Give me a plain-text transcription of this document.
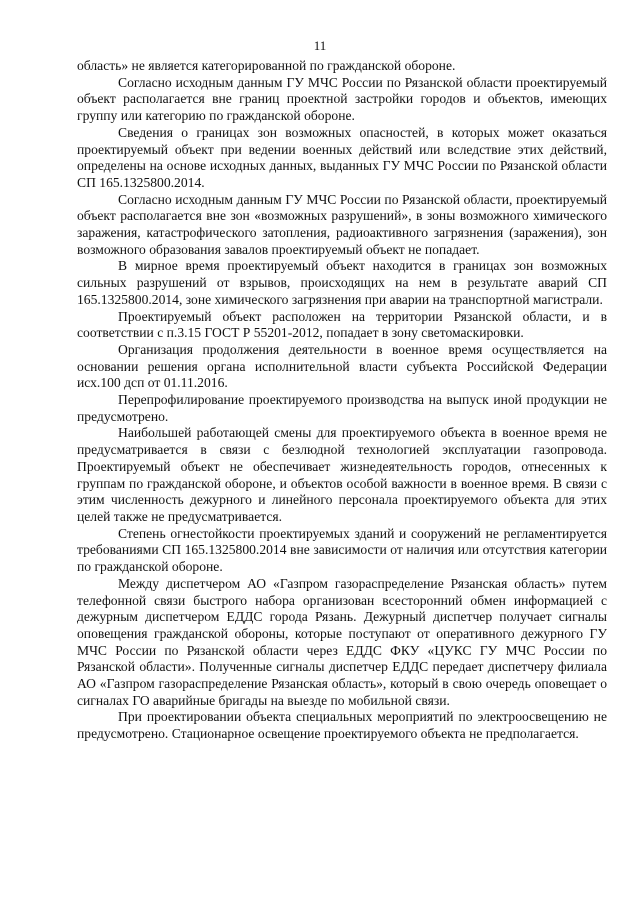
11

область» не является категорированной по гражданской обороне.

Согласно исходным данным ГУ МЧС России по Рязанской области проектируемый объект располагается вне границ проектной застройки городов и объектов, имеющих группу или категорию по гражданской обороне.

Сведения о границах зон возможных опасностей, в которых может оказаться проектируемый объект при ведении военных действий или вследствие этих действий, определены на основе исходных данных, выданных ГУ МЧС России по Рязанской области СП 165.1325800.2014.

Согласно исходным данным ГУ МЧС России по Рязанской области, проектируемый объект располагается вне зон «возможных разрушений», в зоны возможного химического заражения, катастрофического затопления, радиоактивного загрязнения (заражения), зон возможного образования завалов проектируемый объект не попадает.

В мирное время проектируемый объект находится в границах зон возможных сильных разрушений от взрывов, происходящих на нем в результате аварий СП 165.1325800.2014, зоне химического загрязнения при аварии на транспортной магистрали.

Проектируемый объект расположен на территории Рязанской области, и в соответствии с п.3.15 ГОСТ Р 55201-2012, попадает в зону светомаскировки.

Организация продолжения деятельности в военное время осуществляется на основании решения органа исполнительной власти субъекта Российской Федерации исх.100 дсп от 01.11.2016.

Перепрофилирование проектируемого производства на выпуск иной продукции не предусмотрено.

Наибольшей работающей смены для проектируемого объекта в военное время не предусматривается в связи с безлюдной технологией эксплуатации газопровода. Проектируемый объект не обеспечивает жизнедеятельность городов, отнесенных к группам по гражданской обороне, и объектов особой важности в военное время. В связи с этим численность дежурного и линейного персонала проектируемого объекта для этих целей также не предусматривается.

Степень огнестойкости проектируемых зданий и сооружений не регламентируется требованиями СП 165.1325800.2014 вне зависимости от наличия или отсутствия категории по гражданской обороне.

Между диспетчером АО «Газпром газораспределение Рязанская область» путем телефонной связи быстрого набора организован всесторонний обмен информацией с дежурным диспетчером ЕДДС города Рязань. Дежурный диспетчер получает сигналы оповещения гражданской обороны, которые поступают от оперативного дежурного ГУ МЧС России по Рязанской области через ЕДДС ФКУ «ЦУКС ГУ МЧС России по Рязанской области». Полученные сигналы диспетчер ЕДДС передает диспетчеру филиала АО «Газпром газораспределение Рязанская область», который в свою очередь оповещает о сигналах ГО аварийные бригады на выезде по мобильной связи.

При проектировании объекта специальных мероприятий по электроосвещению не предусмотрено. Стационарное освещение проектируемого объекта не предполагается.
